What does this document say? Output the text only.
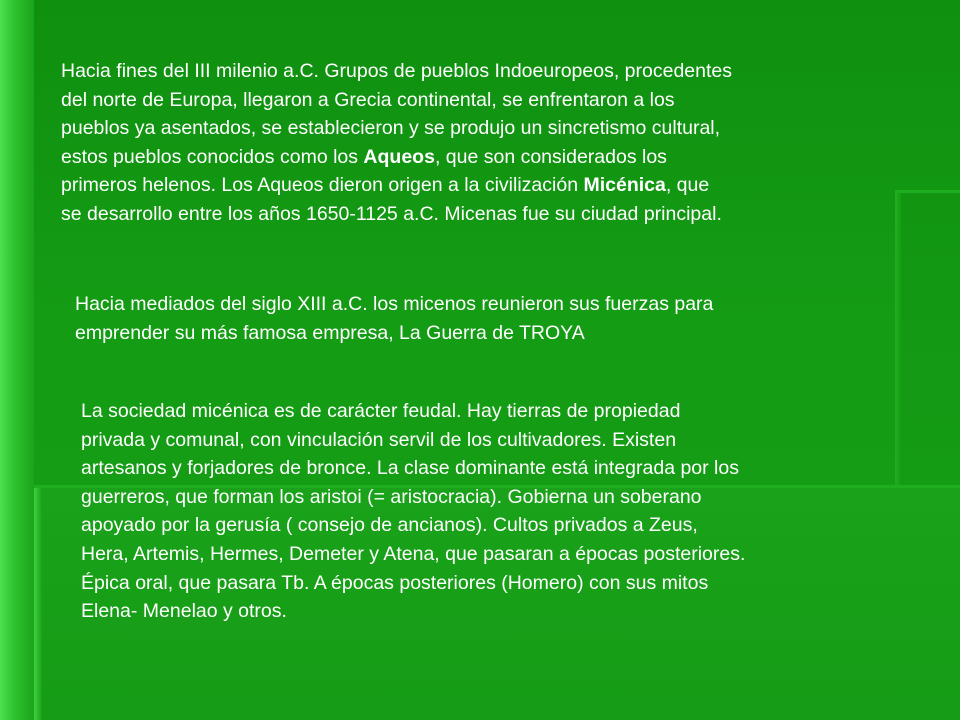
Hacia fines del III milenio a.C. Grupos de pueblos Indoeuropeos, procedentes
del norte de Europa, llegaron a Grecia continental, se enfrentaron a los
pueblos ya asentados, se establecieron y se produjo un sincretismo cultural,
estos pueblos conocidos como los Aqueos, que son considerados los
primeros helenos. Los Aqueos dieron origen a la civilización Micénica, que
se desarrollo entre los años 1650-1125 a.C. Micenas fue su ciudad principal.
Hacia mediados del siglo XIII a.C. los micenos reunieron sus fuerzas para
emprender su más famosa empresa, La Guerra de TROYA
La sociedad micénica es de carácter feudal. Hay tierras de propiedad
privada y comunal, con vinculación servil de los cultivadores. Existen
artesanos y forjadores de bronce. La clase dominante está integrada por los
guerreros, que forman los aristoi (= aristocracia). Gobierna un soberano
apoyado por la gerusía ( consejo de ancianos). Cultos privados a Zeus,
Hera, Artemis, Hermes, Demeter y Atena, que pasaran a épocas posteriores.
Épica oral, que pasara Tb. A épocas posteriores (Homero) con sus mitos
Elena- Menelao y otros.
